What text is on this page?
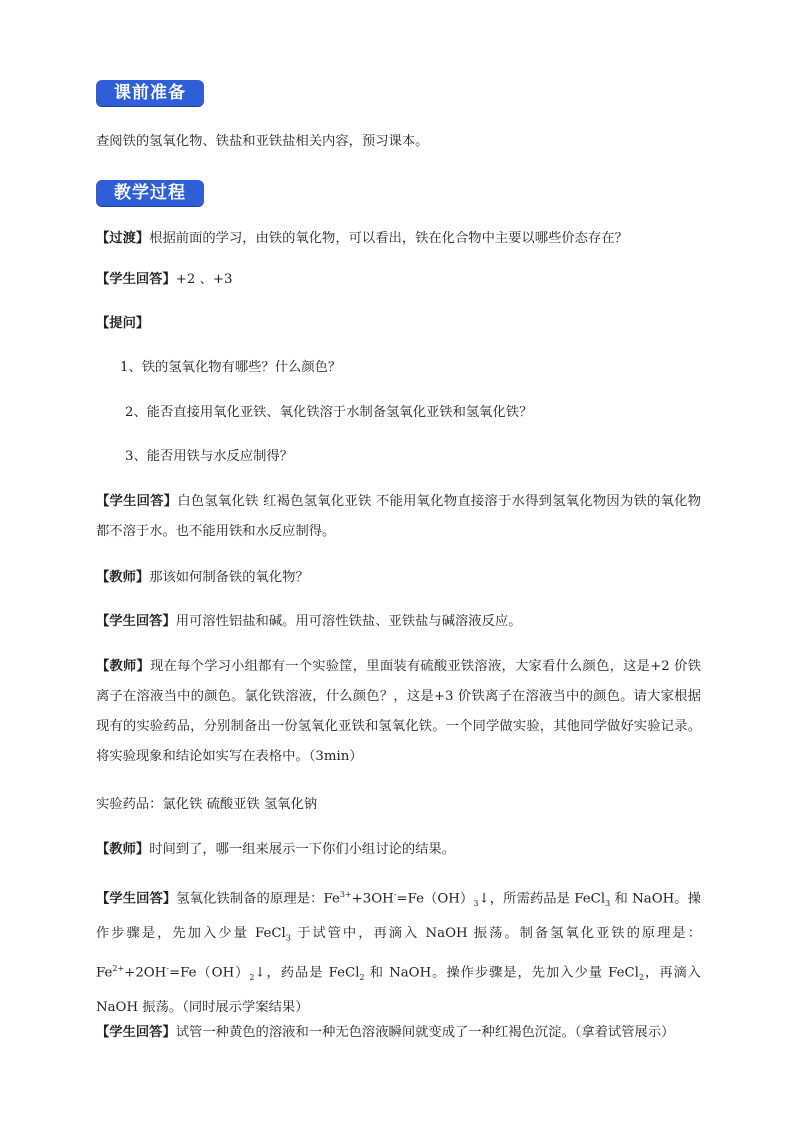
课前准备
查阅铁的氢氧化物、铁盐和亚铁盐相关内容，预习课本。
教学过程
【过渡】根据前面的学习，由铁的氧化物，可以看出，铁在化合物中主要以哪些价态存在？
【学生回答】+2 、+3
【提问】
1、铁的氢氧化物有哪些？什么颜色？
2、能否直接用氧化亚铁、氧化铁溶于水制备氢氧化亚铁和氢氧化铁？
3、能否用铁与水反应制得？
【学生回答】白色氢氧化铁 红褐色氢氧化亚铁 不能用氧化物直接溶于水得到氢氧化物因为铁的氧化物都不溶于水。也不能用铁和水反应制得。
【教师】那该如何制备铁的氧化物？
【学生回答】用可溶性铝盐和碱。用可溶性铁盐、亚铁盐与碱溶液反应。
【教师】现在每个学习小组都有一个实验筐，里面装有硫酸亚铁溶液，大家看什么颜色，这是+2 价铁离子在溶液当中的颜色。氯化铁溶液，什么颜色？，这是+3 价铁离子在溶液当中的颜色。请大家根据现有的实验药品，分别制备出一份氢氧化亚铁和氢氧化铁。一个同学做实验，其他同学做好实验记录。将实验现象和结论如实写在表格中。（3min）
实验药品：氯化铁 硫酸亚铁 氢氧化钠
【教师】时间到了，哪一组来展示一下你们小组讨论的结果。
【学生回答】氢氧化铁制备的原理是：$Fe^{3+}+3OH^-=Fe(OH)_3↓$，所需药品是 FeCl$_3$ 和 NaOH。操作步骤是，先加入少量 FeCl$_3$ 于试管中，再滴入 NaOH 振荡。制备氢氧化亚铁的原理是： $Fe^{2+}+2OH^-=Fe(OH)_2↓$，药品是 FeCl$_2$ 和 NaOH。操作步骤是，先加入少量 FeCl$_2$，再滴入 NaOH 振荡。（同时展示学案结果）
【学生回答】试管一种黄色的溶液和一种无色溶液瞬间就变成了一种红褐色沉淀。（拿着试管展示）
